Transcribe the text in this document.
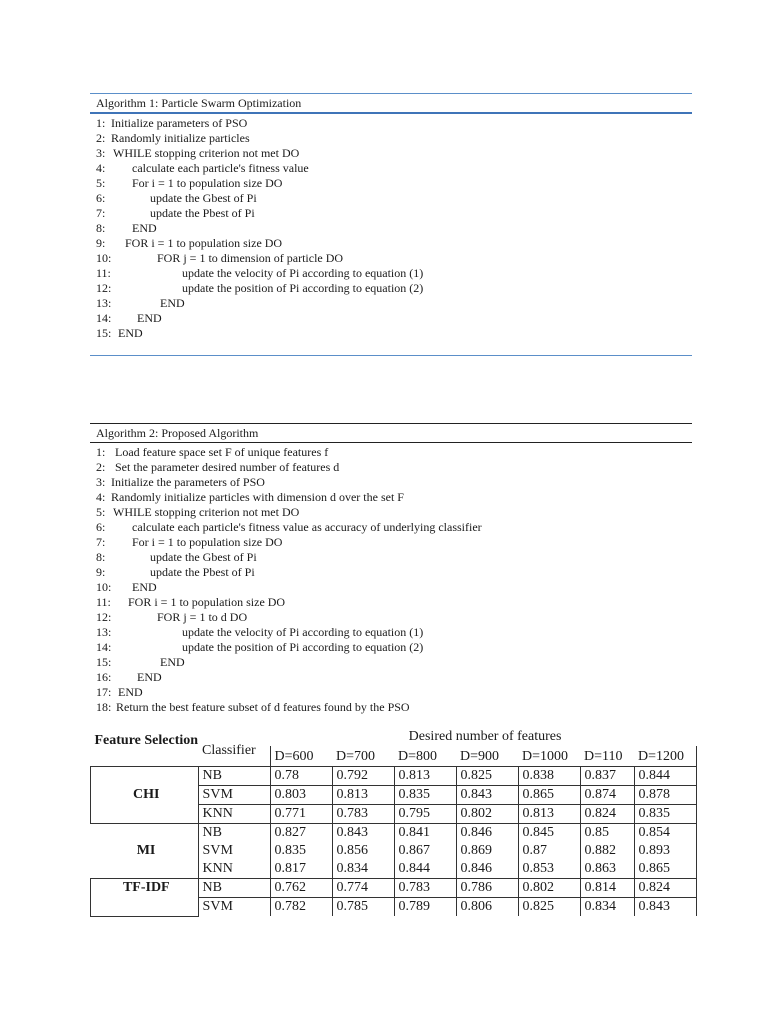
Algorithm 1: Particle Swarm Optimization
1: Initialize parameters of PSO
2: Randomly initialize particles
3: WHILE stopping criterion not met DO
4: calculate each particle's fitness value
5: For i = 1 to population size DO
6:	update the Gbest of Pi
7:	update the Pbest of Pi
8: END
9: FOR i = 1 to population size DO
10:	FOR j = 1 to dimension of particle DO
11:	update the velocity of Pi according to equation (1)
12:	update the position of Pi according to equation (2)
13:	END
14: END
15: END
Algorithm 2: Proposed Algorithm
1: Load feature space set F of unique features f
2: Set the parameter desired number of features d
3: Initialize the parameters of PSO
4: Randomly initialize particles with dimension d over the set F
5: WHILE stopping criterion not met DO
6: calculate each particle's fitness value as accuracy of underlying classifier
7: For i = 1 to population size DO
8:	update the Gbest of Pi
9:	update the Pbest of Pi
10: END
11: FOR i = 1 to population size DO
12:	FOR j = 1 to d DO
13:	update the velocity of Pi according to equation (1)
14:	update the position of Pi according to equation (2)
15:	END
16: END
17: END
18: Return the best feature subset of d features found by the PSO
Feature Selection	Classifier	Desired number of features						
		D=600	D=700	D=800	D=900	D=1000	D=110	D=1200
CHI	NB	0.78	0.792	0.813	0.825	0.838	0.837	0.844
	SVM	0.803	0.813	0.835	0.843	0.865	0.874	0.878
	KNN	0.771	0.783	0.795	0.802	0.813	0.824	0.835
MI	NB	0.827	0.843	0.841	0.846	0.845	0.85	0.854
	SVM	0.835	0.856	0.867	0.869	0.87	0.882	0.893
	KNN	0.817	0.834	0.844	0.846	0.853	0.863	0.865
TF-IDF	NB	0.762	0.774	0.783	0.786	0.802	0.814	0.824
	SVM	0.782	0.785	0.789	0.806	0.825	0.834	0.843
